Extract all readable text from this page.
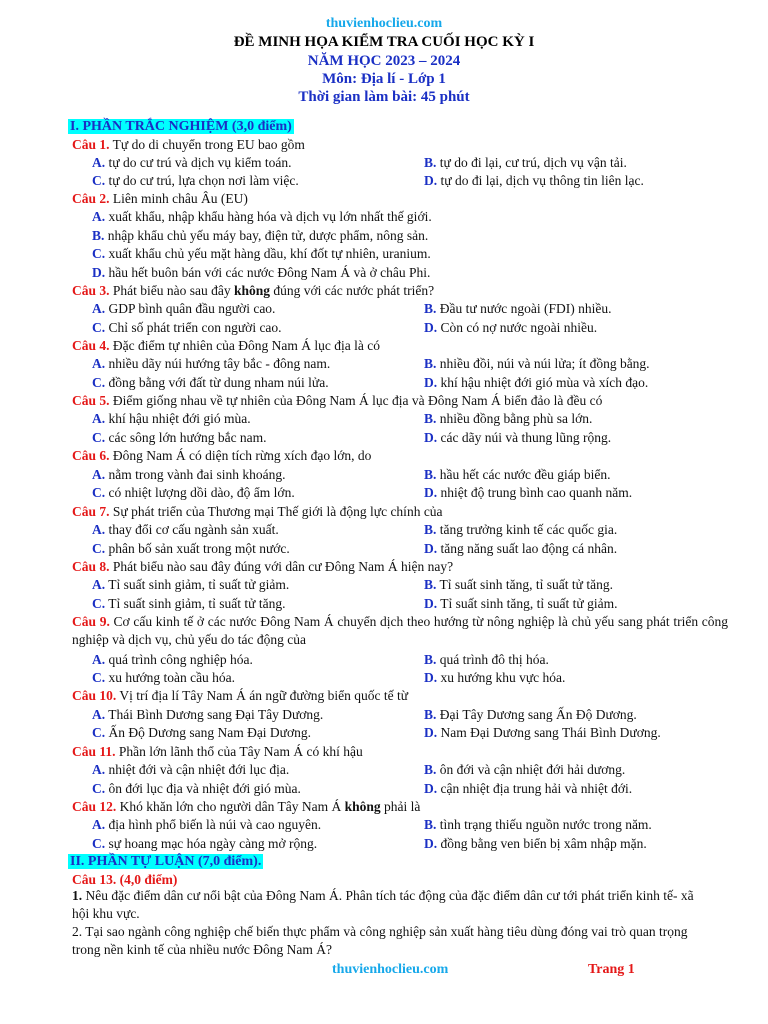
thuvienhoclieu.com
ĐỀ MINH HỌA KIỂM TRA CUỐI HỌC KỲ I
NĂM HỌC 2023 – 2024
Môn: Địa lí - Lớp 1
Thời gian làm bài: 45 phút
I. PHẦN TRẮC NGHIỆM (3,0 điểm)
Câu 1. Tự do di chuyển trong EU bao gồm
A. tự do cư trú và dịch vụ kiểm toán.	B. tự do đi lại, cư trú, dịch vụ vận tải.
C. tự do cư trú, lựa chọn nơi làm việc.	D. tự do đi lại, dịch vụ thông tin liên lạc.
Câu 2. Liên minh châu Âu (EU)
A. xuất khẩu, nhập khẩu hàng hóa và dịch vụ lớn nhất thế giới.
B. nhập khẩu chủ yếu máy bay, điện tử, dược phẩm, nông sản.
C. xuất khẩu chủ yếu mặt hàng dầu, khí đốt tự nhiên, uranium.
D. hầu hết buôn bán với các nước Đông Nam Á và ở châu Phi.
Câu 3. Phát biểu nào sau đây không đúng với các nước phát triển?
A. GDP bình quân đầu người cao.	B. Đầu tư nước ngoài (FDI) nhiều.
C. Chỉ số phát triển con người cao.	D. Còn có nợ nước ngoài nhiều.
Câu 4. Đặc điểm tự nhiên của Đông Nam Á lục địa là có
A. nhiều dãy núi hướng tây bắc - đông nam.	B. nhiều đồi, núi và núi lửa; ít đồng bằng.
C. đồng bằng với đất từ dung nham núi lửa.	D. khí hậu nhiệt đới gió mùa và xích đạo.
Câu 5. Điểm giống nhau về tự nhiên của Đông Nam Á lục địa và Đông Nam Á biển đảo là đều có
A. khí hậu nhiệt đới gió mùa.	B. nhiều đồng bằng phù sa lớn.
C. các sông lớn hướng bắc nam.	D. các dãy núi và thung lũng rộng.
Câu 6. Đông Nam Á có diện tích rừng xích đạo lớn, do
A. nằm trong vành đai sinh khoáng.	B. hầu hết các nước đều giáp biển.
C. có nhiệt lượng dồi dào, độ ẩm lớn.	D. nhiệt độ trung bình cao quanh năm.
Câu 7. Sự phát triển của Thương mại Thế giới là động lực chính của
A. thay đổi cơ cấu ngành sản xuất.	B. tăng trưởng kinh tế các quốc gia.
C. phân bố sản xuất trong một nước.	D. tăng năng suất lao động cá nhân.
Câu 8. Phát biểu nào sau đây đúng với dân cư Đông Nam Á hiện nay?
A. Tỉ suất sinh giảm, tỉ suất tử giảm.	B. Tỉ suất sinh tăng, tỉ suất tử tăng.
C. Tỉ suất sinh giảm, tỉ suất tử tăng.	D. Tỉ suất sinh tăng, tỉ suất tử giảm.
Câu 9. Cơ cấu kinh tế ở các nước Đông Nam Á chuyển dịch theo hướng từ nông nghiệp là chủ yếu sang phát triển công nghiệp và dịch vụ, chủ yếu do tác động của
A. quá trình công nghiệp hóa.	B. quá trình đô thị hóa.
C. xu hướng toàn cầu hóa.	D. xu hướng khu vực hóa.
Câu 10. Vị trí địa lí Tây Nam Á án ngữ đường biển quốc tế từ
A. Thái Bình Dương sang Đại Tây Dương.	B. Đại Tây Dương sang Ấn Độ Dương.
C. Ấn Độ Dương sang Nam Đại Dương.	D. Nam Đại Dương sang Thái Bình Dương.
Câu 11. Phần lớn lãnh thổ của Tây Nam Á có khí hậu
A. nhiệt đới và cận nhiệt đới lục địa.	B. ôn đới và cận nhiệt đới hải dương.
C. ôn đới lục địa và nhiệt đới gió mùa.	D. cận nhiệt địa trung hải và nhiệt đới.
Câu 12. Khó khăn lớn cho người dân Tây Nam Á không phải là
A. địa hình phổ biến là núi và cao nguyên.	B. tình trạng thiếu nguồn nước trong năm.
C. sự hoang mạc hóa ngày càng mở rộng.	D. đồng bằng ven biển bị xâm nhập mặn.
II. PHẦN TỰ LUẬN (7,0 điểm).
Câu 13. (4,0 điểm)
1. Nêu đặc điểm dân cư nổi bật của Đông Nam Á. Phân tích tác động của đặc điểm dân cư tới phát triển kinh tế- xã hội khu vực.
2. Tại sao ngành công nghiệp chế biến thực phẩm và công nghiệp sản xuất hàng tiêu dùng đóng vai trò quan trọng trong nền kinh tế của nhiều nước Đông Nam Á?
thuvienhoclieu.com	Trang 1
